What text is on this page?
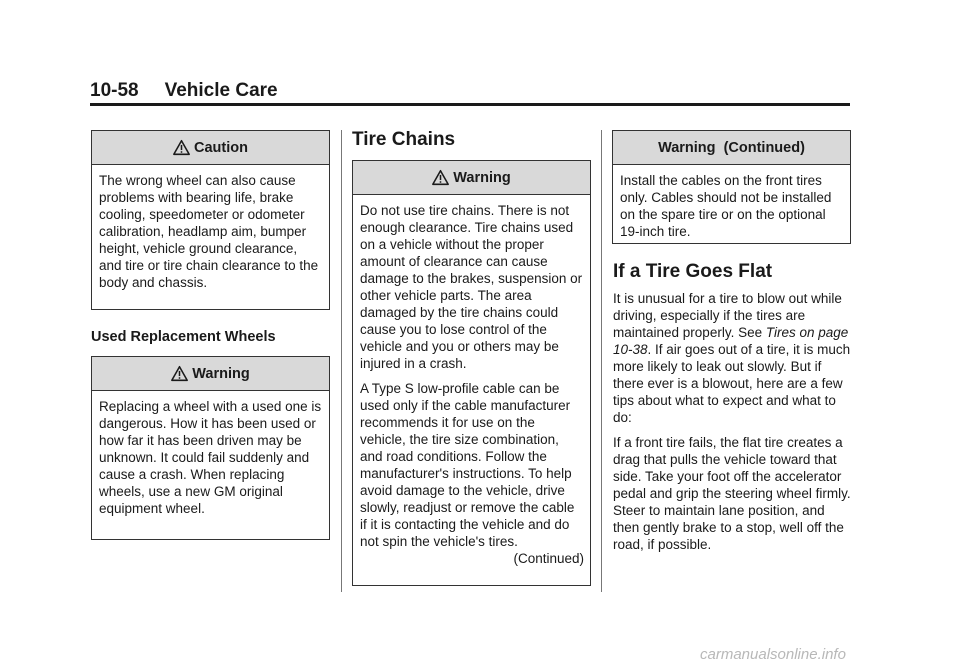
10-58 Vehicle Care
Caution

The wrong wheel can also cause problems with bearing life, brake cooling, speedometer or odometer calibration, headlamp aim, bumper height, vehicle ground clearance, and tire or tire chain clearance to the body and chassis.

Used Replacement Wheels
Warning

Replacing a wheel with a used one is dangerous. How it has been used or how far it has been driven may be unknown. It could fail suddenly and cause a crash. When replacing wheels, use a new GM original equipment wheel.

Tire Chains
Warning

Do not use tire chains. There is not enough clearance. Tire chains used on a vehicle without the proper amount of clearance can cause damage to the brakes, suspension or other vehicle parts. The area damaged by the tire chains could cause you to lose control of the vehicle and you or others may be injured in a crash.

A Type S low-profile cable can be used only if the cable manufacturer recommends it for use on the vehicle, the tire size combination, and road conditions. Follow the manufacturer's instructions. To help avoid damage to the vehicle, drive slowly, readjust or remove the cable if it is contacting the vehicle and do not spin the vehicle's tires.

(Continued)
Warning  (Continued)

Install the cables on the front tires only. Cables should not be installed on the spare tire or on the optional 19-inch tire.

If a Tire Goes Flat

It is unusual for a tire to blow out while driving, especially if the tires are maintained properly. See Tires on page 10-38. If air goes out of a tire, it is much more likely to leak out slowly. But if there ever is a blowout, here are a few tips about what to expect and what to do:

If a front tire fails, the flat tire creates a drag that pulls the vehicle toward that side. Take your foot off the accelerator pedal and grip the steering wheel firmly. Steer to maintain lane position, and then gently brake to a stop, well off the road, if possible.

carmanualsonline.info
